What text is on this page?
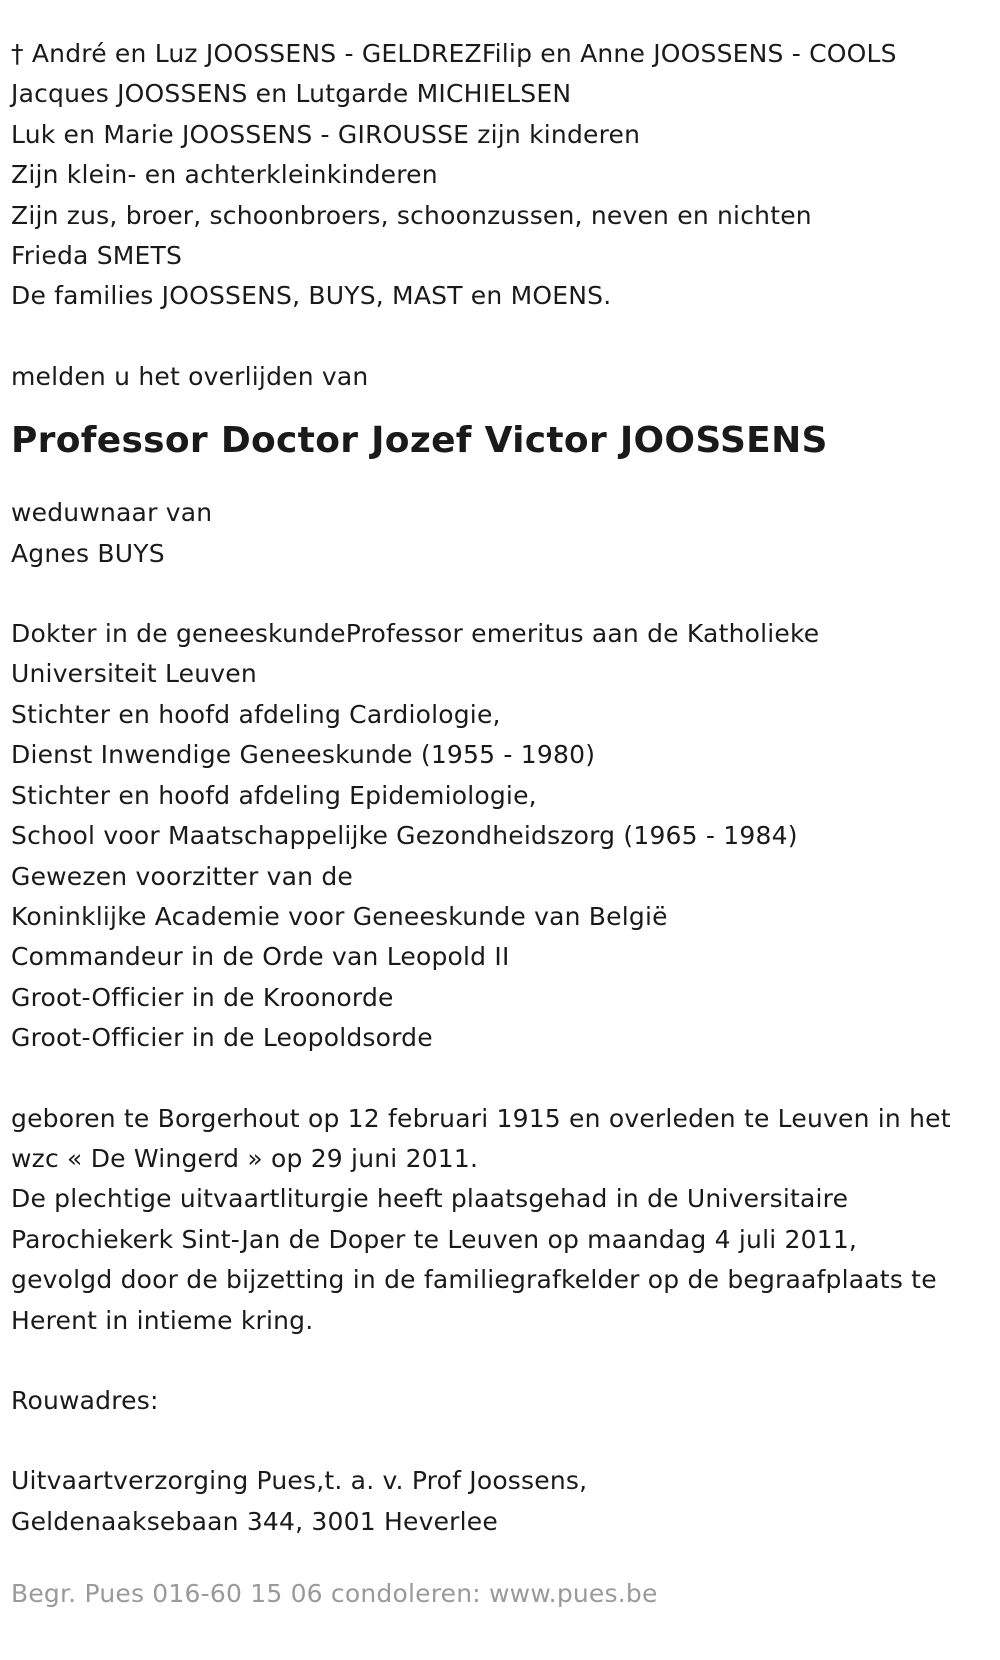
† André en Luz JOOSSENS - GELDREZFilip en Anne JOOSSENS - COOLS
Jacques JOOSSENS en Lutgarde MICHIELSEN
Luk en Marie JOOSSENS - GIROUSSE zijn kinderen
Zijn klein- en achterkleinkinderen
Zijn zus, broer, schoonbroers, schoonzussen, neven en nichten
Frieda SMETS
De families JOOSSENS, BUYS, MAST en MOENS.
melden u het overlijden van
Professor Doctor Jozef Victor JOOSSENS
weduwnaar van
Agnes BUYS
Dokter in de geneeskundeProfessor emeritus aan de Katholieke
Universiteit Leuven
Stichter en hoofd afdeling Cardiologie,
Dienst Inwendige Geneeskunde (1955 - 1980)
Stichter en hoofd afdeling Epidemiologie,
School voor Maatschappelijke Gezondheidszorg (1965 - 1984)
Gewezen voorzitter van de
Koninklijke Academie voor Geneeskunde van België
Commandeur in de Orde van Leopold II
Groot-Officier in de Kroonorde
Groot-Officier in de Leopoldsorde
geboren te Borgerhout op 12 februari 1915 en overleden te Leuven in het
wzc « De Wingerd » op 29 juni 2011.
De plechtige uitvaartliturgie heeft plaatsgehad in de Universitaire
Parochiekerk Sint-Jan de Doper te Leuven op maandag 4 juli 2011,
gevolgd door de bijzetting in de familiegrafkelder op de begraafplaats te
Herent in intieme kring.
Rouwadres:
Uitvaartverzorging Pues,t. a. v. Prof Joossens,
Geldenaaksebaan 344, 3001 Heverlee
Begr. Pues 016-60 15 06 condoleren: www.pues.be
